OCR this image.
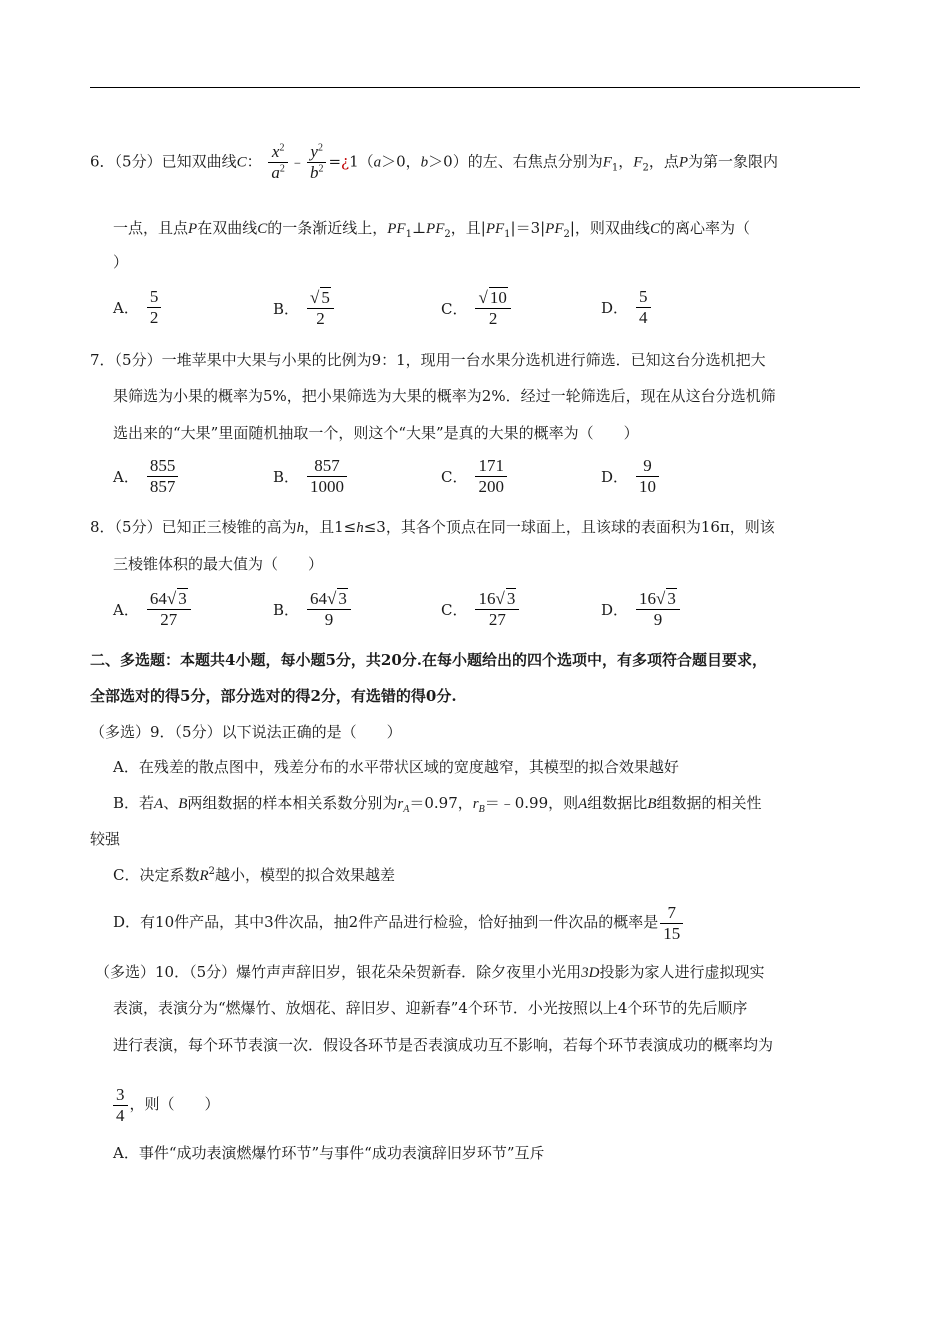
6．（5分）已知双曲线C： $\frac{x^2}{a^2}$ ﹣ $\frac{y^2}{b^2}$ =¿1（a＞0，b＞0）的左、右焦点分别为$F_1$，$F_2$，点P为第一象限内
一点，且点P在双曲线C的一条渐近线上，$PF_1\perp PF_2$，且$|PF_1|=3|PF_2|$，则双曲线C的离心率为（
）
A． $\frac{5}{2}$	B． $\frac{√ 5}{2}$	C． $\frac{√ 10}{2}$	D． $\frac{5}{4}$
7．（5分）一堆苹果中大果与小果的比例为9：1，现用一台水果分选机进行筛选．已知这台分选机把大
果筛选为小果的概率为5%，把小果筛选为大果的概率为2%．经过一轮筛选后，现在从这台分选机筛
选出来的“大果”里面随机抽取一个，则这个“大果”是真的大果的概率为（　　）
A． $\frac{855}{857}$	B． $\frac{857}{1000}$	C． $\frac{171}{200}$	D． $\frac{9}{10}$
8．（5分）已知正三棱锥的高为h，且1≤h≤3，其各个顶点在同一球面上，且该球的表面积为16π，则该
三棱锥体积的最大值为（　　）
A． $\frac{64√ 3}{27}$	B． $\frac{64√ 3}{9}$	C． $\frac{16√ 3}{27}$	D． $\frac{16√ 3}{9}$
二、多选题：本题共4小题，每小题5分，共20分.在每小题给出的四个选项中，有多项符合题目要求，
全部选对的得5分，部分选对的得2分，有选错的得0分.
（多选）9．（5分）以下说法正确的是（　　）
A．在残差的散点图中，残差分布的水平带状区域的宽度越窄，其模型的拟合效果越好
B．若A、B两组数据的样本相关系数分别为$r_A=0.97$，$r_B=﹣0.99$，则A组数据比B组数据的相关性
较强
C．决定系数$R^2$越小，模型的拟合效果越差
D．有10件产品，其中3件次品，抽2件产品进行检验，恰好抽到一件次品的概率是 $\frac{7}{15}$
（多选）10．（5分）爆竹声声辞旧岁，银花朵朵贺新春．除夕夜里小光用3D投影为家人进行虚拟现实
表演，表演分为“燃爆竹、放烟花、辞旧岁、迎新春”4个环节．小光按照以上4个环节的先后顺序
进行表演，每个环节表演一次．假设各环节是否表演成功互不影响，若每个环节表演成功的概率均为
$\frac{3}{4}$ ，则（　　）
A．事件“成功表演燃爆竹环节”与事件“成功表演辞旧岁环节”互斥
